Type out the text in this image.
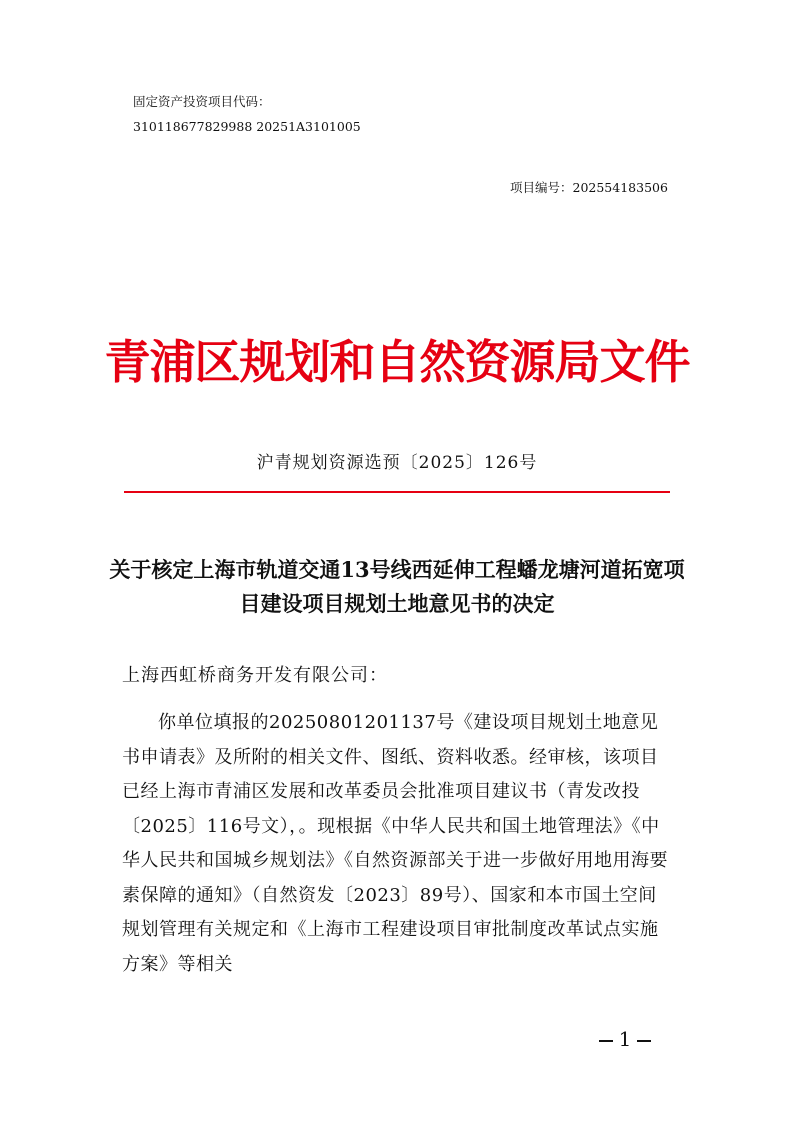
固定资产投资项目代码：
310118677829988 20251A3101005
项目编号：202554183506
青浦区规划和自然资源局文件
沪青规划资源选预〔2025〕126号
关于核定上海市轨道交通13号线西延伸工程蟠龙塘河道拓宽项目建设项目规划土地意见书的决定
上海西虹桥商务开发有限公司：

你单位填报的20250801201137号《建设项目规划土地意见书申请表》及所附的相关文件、图纸、资料收悉。经审核，该项目已经上海市青浦区发展和改革委员会批准项目建议书（青发改投〔2025〕116号文），。现根据《中华人民共和国土地管理法》《中华人民共和国城乡规划法》《自然资源部关于进一步做好用地用海要素保障的通知》（自然资发〔2023〕89号）、国家和本市国土空间规划管理有关规定和《上海市工程建设项目审批制度改革试点实施方案》等相关

1
